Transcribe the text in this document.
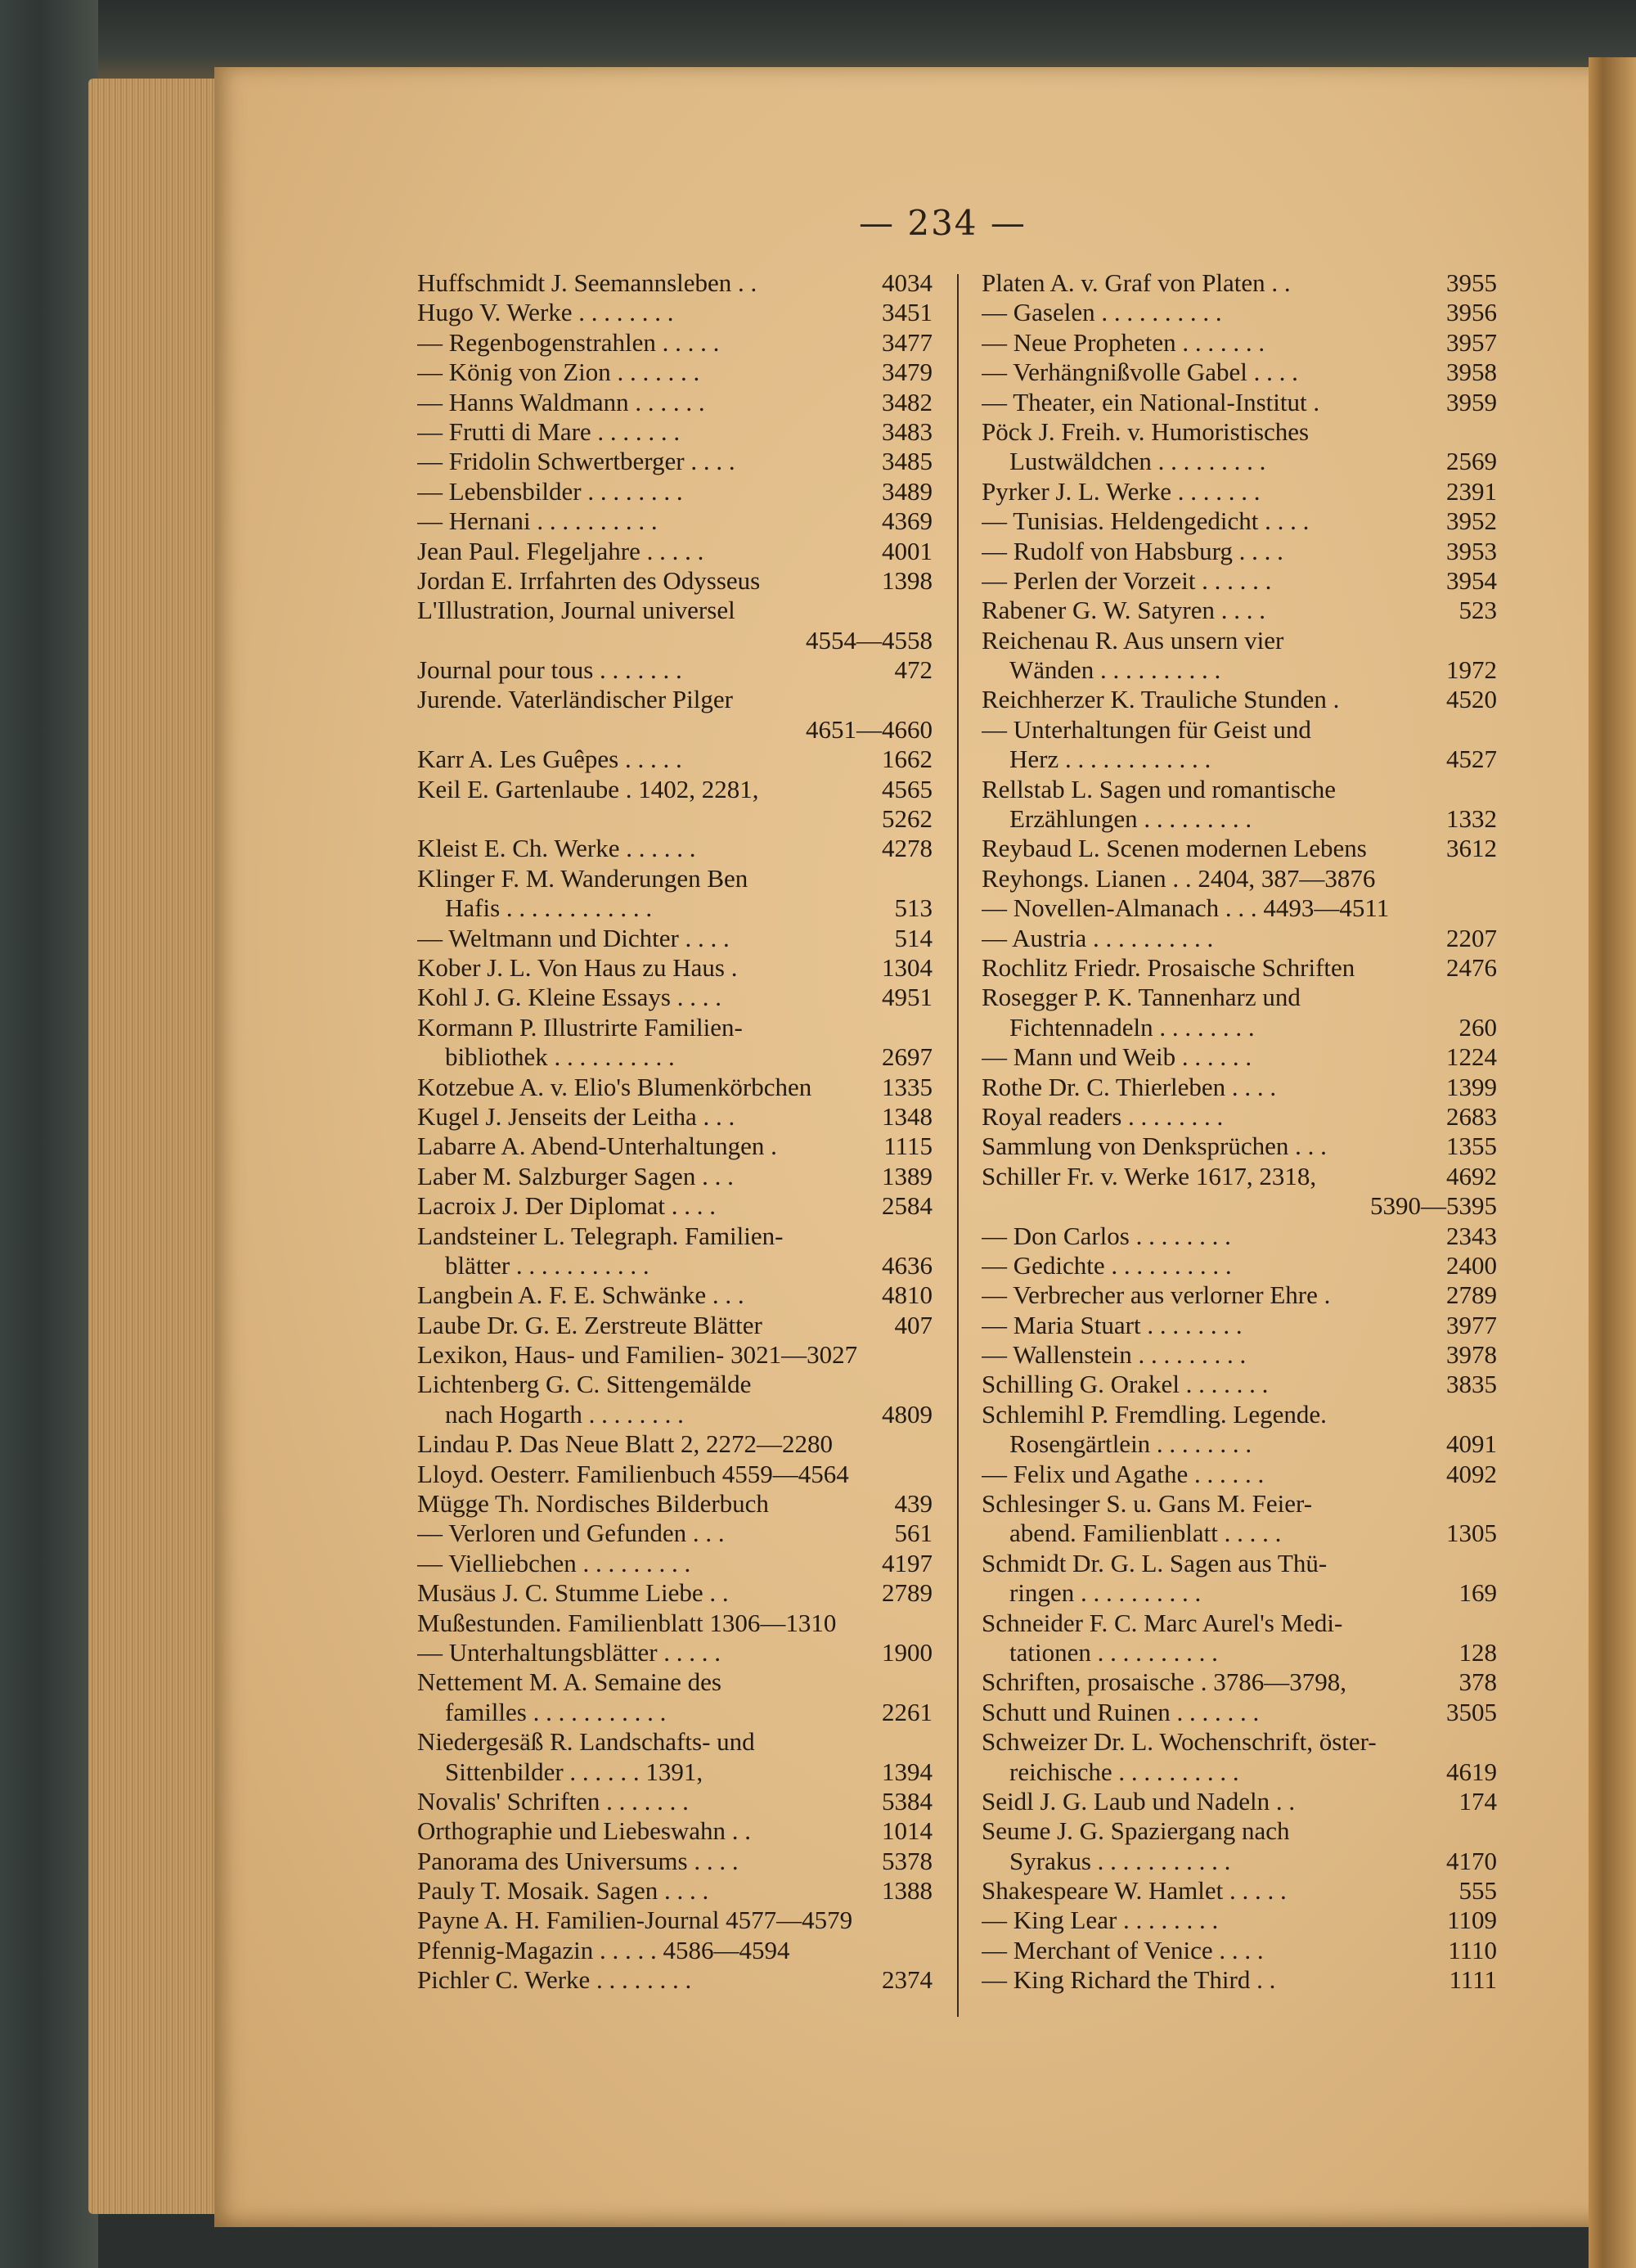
— 234 —
Huffschmidt J. Seemannsleben . .	4034
Hugo V. Werke . . . . . . . .	3451
— Regenbogenstrahlen . . . . .	3477
— König von Zion . . . . . . .	3479
— Hanns Waldmann . . . . . .	3482
— Frutti di Mare . . . . . . .	3483
— Fridolin Schwertberger . . . .	3485
— Lebensbilder . . . . . . . .	3489
— Hernani . . . . . . . . . .	4369
Jean Paul. Flegeljahre . . . . .	4001
Jordan E. Irrfahrten des Odysseus	1398
L'Illustration, Journal universel
4554—4558
Journal pour tous . . . . . . .	472
Jurende. Vaterländischer Pilger
4651—4660
Karr A. Les Guêpes . . . . .	1662
Keil E. Gartenlaube . 1402, 2281,	4565
5262
Kleist E. Ch. Werke . . . . . .	4278
Klinger F. M. Wanderungen Ben
Hafis . . . . . . . . . . . .	513
— Weltmann und Dichter . . . .	514
Kober J. L. Von Haus zu Haus .	1304
Kohl J. G. Kleine Essays . . . .	4951
Kormann P. Illustrirte Familien-
bibliothek . . . . . . . . . .	2697
Kotzebue A. v. Elio's Blumenkörbchen	1335
Kugel J. Jenseits der Leitha . . .	1348
Labarre A. Abend-Unterhaltungen .	1115
Laber M. Salzburger Sagen . . .	1389
Lacroix J. Der Diplomat . . . .	2584
Landsteiner L. Telegraph. Familien-
blätter . . . . . . . . . . .	4636
Langbein A. F. E. Schwänke . . .	4810
Laube Dr. G. E. Zerstreute Blätter	407
Lexikon, Haus- und Familien- 3021—3027
Lichtenberg G. C. Sittengemälde
nach Hogarth . . . . . . . .	4809
Lindau P. Das Neue Blatt 2, 2272—2280
Lloyd. Oesterr. Familienbuch 4559—4564
Mügge Th. Nordisches Bilderbuch	439
— Verloren und Gefunden . . .	561
— Vielliebchen . . . . . . . . .	4197
Musäus J. C. Stumme Liebe . .	2789
Mußestunden. Familienblatt 1306—1310
— Unterhaltungsblätter . . . . .	1900
Nettement M. A. Semaine des
familles . . . . . . . . . . .	2261
Niedergesäß R. Landschafts- und
Sittenbilder . . . . . . 1391,	1394
Novalis' Schriften . . . . . . .	5384
Orthographie und Liebeswahn . .	1014
Panorama des Universums . . . .	5378
Pauly T. Mosaik. Sagen . . . .	1388
Payne A. H. Familien-Journal 4577—4579
Pfennig-Magazin . . . . . 4586—4594
Pichler C. Werke . . . . . . . .	2374
Platen A. v. Graf von Platen . .	3955
— Gaselen . . . . . . . . . .	3956
— Neue Propheten . . . . . . .	3957
— Verhängnißvolle Gabel . . . .	3958
— Theater, ein National-Institut .	3959
Pöck J. Freih. v. Humoristisches
Lustwäldchen . . . . . . . . .	2569
Pyrker J. L. Werke . . . . . . .	2391
— Tunisias. Heldengedicht . . . .	3952
— Rudolf von Habsburg . . . .	3953
— Perlen der Vorzeit . . . . . .	3954
Rabener G. W. Satyren . . . .	523
Reichenau R. Aus unsern vier
Wänden . . . . . . . . . .	1972
Reichherzer K. Trauliche Stunden .	4520
— Unterhaltungen für Geist und
Herz . . . . . . . . . . . .	4527
Rellstab L. Sagen und romantische
Erzählungen . . . . . . . . .	1332
Reybaud L. Scenen modernen Lebens	3612
Reyhongs. Lianen . . 2404, 387—3876
— Novellen-Almanach . . . 4493—4511
— Austria . . . . . . . . . .	2207
Rochlitz Friedr. Prosaische Schriften	2476
Rosegger P. K. Tannenharz und
Fichtennadeln . . . . . . . .	260
— Mann und Weib . . . . . .	1224
Rothe Dr. C. Thierleben . . . .	1399
Royal readers . . . . . . . .	2683
Sammlung von Denksprüchen . . .	1355
Schiller Fr. v. Werke 1617, 2318,	4692
5390—5395
— Don Carlos . . . . . . . .	2343
— Gedichte . . . . . . . . . .	2400
— Verbrecher aus verlorner Ehre .	2789
— Maria Stuart . . . . . . . .	3977
— Wallenstein . . . . . . . . .	3978
Schilling G. Orakel . . . . . . .	3835
Schlemihl P. Fremdling. Legende.
Rosengärtlein . . . . . . . .	4091
— Felix und Agathe . . . . . .	4092
Schlesinger S. u. Gans M. Feier-
abend. Familienblatt . . . . .	1305
Schmidt Dr. G. L. Sagen aus Thü-
ringen . . . . . . . . . .	169
Schneider F. C. Marc Aurel's Medi-
tationen . . . . . . . . . .	128
Schriften, prosaische . 3786—3798,	378
Schutt und Ruinen . . . . . . .	3505
Schweizer Dr. L. Wochenschrift, öster-
reichische . . . . . . . . . .	4619
Seidl J. G. Laub und Nadeln . .	174
Seume J. G. Spaziergang nach
Syrakus . . . . . . . . . . .	4170
Shakespeare W. Hamlet . . . . .	555
— King Lear . . . . . . . .	1109
— Merchant of Venice . . . .	1110
— King Richard the Third . .	1111
